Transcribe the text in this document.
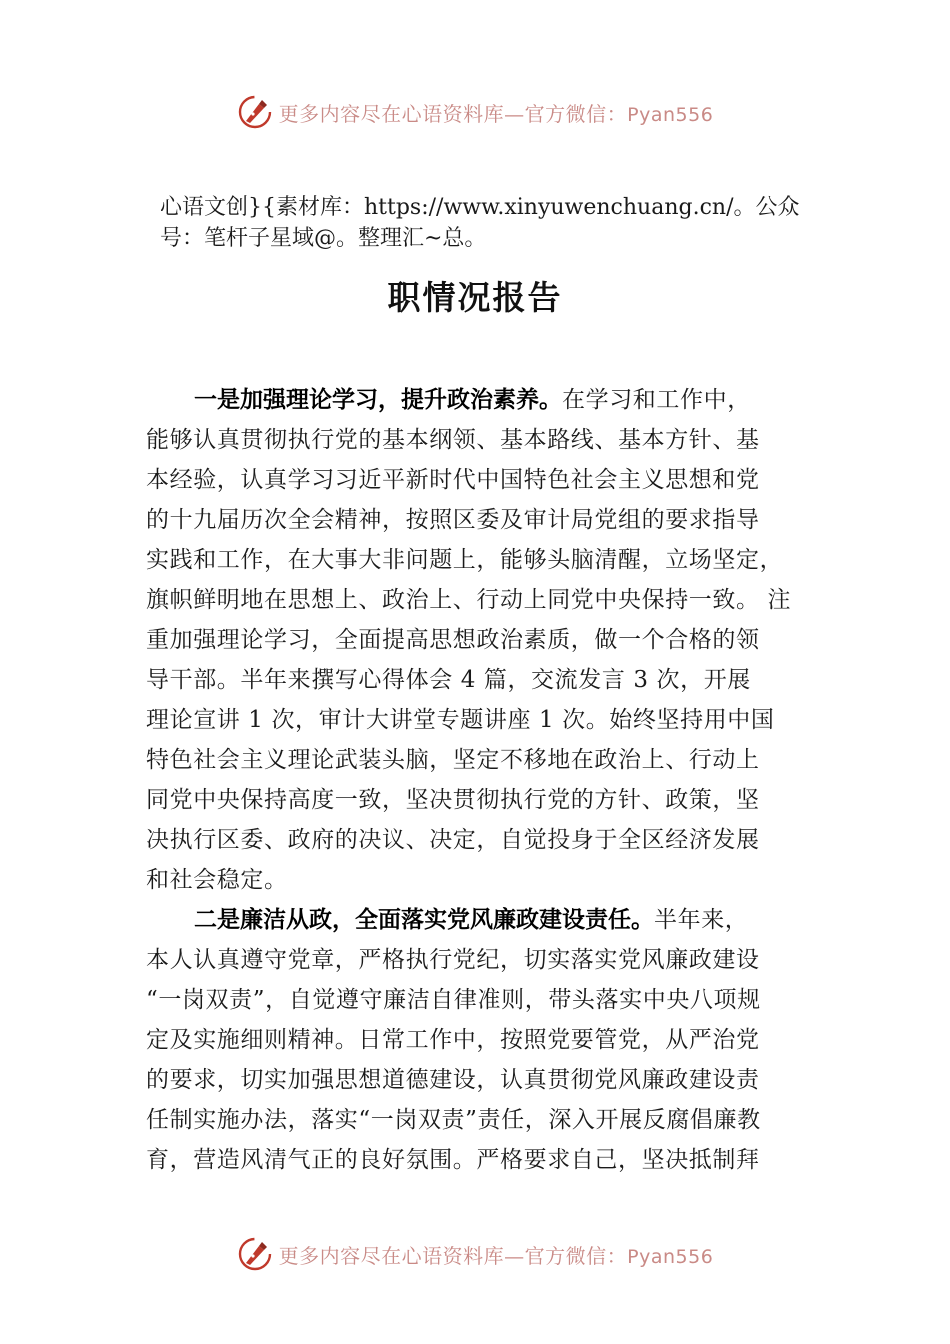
更多内容尽在心语资料库—官方微信：Pyan556
心语文创}{素材库：https://www.xinyuwenchuang.cn/。公众号：笔杆子星域@。整理汇~总。
职情况报告
一是加强理论学习，提升政治素养。在学习和工作中，
能够认真贯彻执行党的基本纲领、基本路线、基本方针、基
本经验，认真学习习近平新时代中国特色社会主义思想和党
的十九届历次全会精神，按照区委及审计局党组的要求指导
实践和工作，在大事大非问题上，能够头脑清醒，立场坚定，
旗帜鲜明地在思想上、政治上、行动上同党中央保持一致。 注
重加强理论学习，全面提高思想政治素质，做一个合格的领
导干部。半年来撰写心得体会 4 篇，交流发言 3 次，开展
理论宣讲 1 次，审计大讲堂专题讲座 1 次。始终坚持用中国
特色社会主义理论武装头脑，坚定不移地在政治上、行动上
同党中央保持高度一致，坚决贯彻执行党的方针、政策，坚
决执行区委、政府的决议、决定，自觉投身于全区经济发展
和社会稳定。
二是廉洁从政，全面落实党风廉政建设责任。半年来，
本人认真遵守党章，严格执行党纪，切实落实党风廉政建设
“一岗双责”，自觉遵守廉洁自律准则，带头落实中央八项规
定及实施细则精神。日常工作中，按照党要管党，从严治党
的要求，切实加强思想道德建设，认真贯彻党风廉政建设责
任制实施办法，落实“一岗双责”责任，深入开展反腐倡廉教
育，营造风清气正的良好氛围。严格要求自己，坚决抵制拜
更多内容尽在心语资料库—官方微信：Pyan556
